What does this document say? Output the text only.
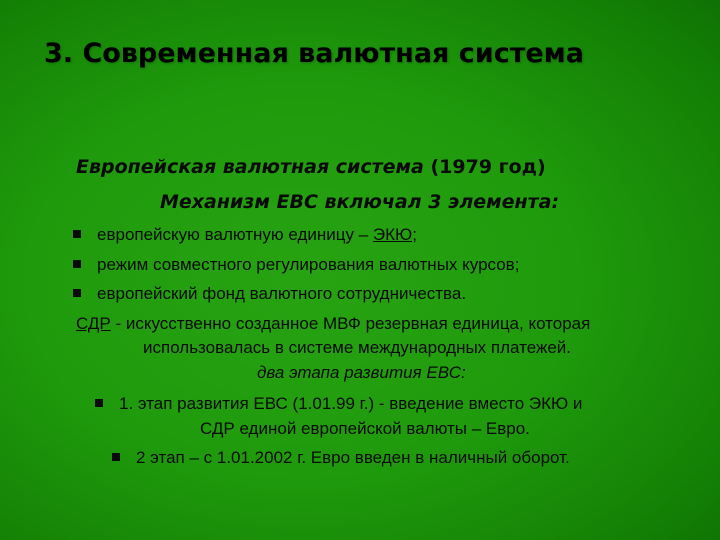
3. Современная валютная система
Европейская валютная система (1979 год)
Механизм ЕВС включал 3 элемента:
европейскую валютную единицу – ЭКЮ;
режим совместного регулирования валютных курсов;
европейский фонд валютного сотрудничества.
СДР - искусственно созданное МВФ резервная единица, которая
использовалась в системе международных платежей.
два этапа развития ЕВС:
1. этап развития ЕВС (1.01.99 г.) - введение вместо ЭКЮ и
СДР единой европейской валюты – Евро.
2 этап – с 1.01.2002 г. Евро введен в наличный оборот.
